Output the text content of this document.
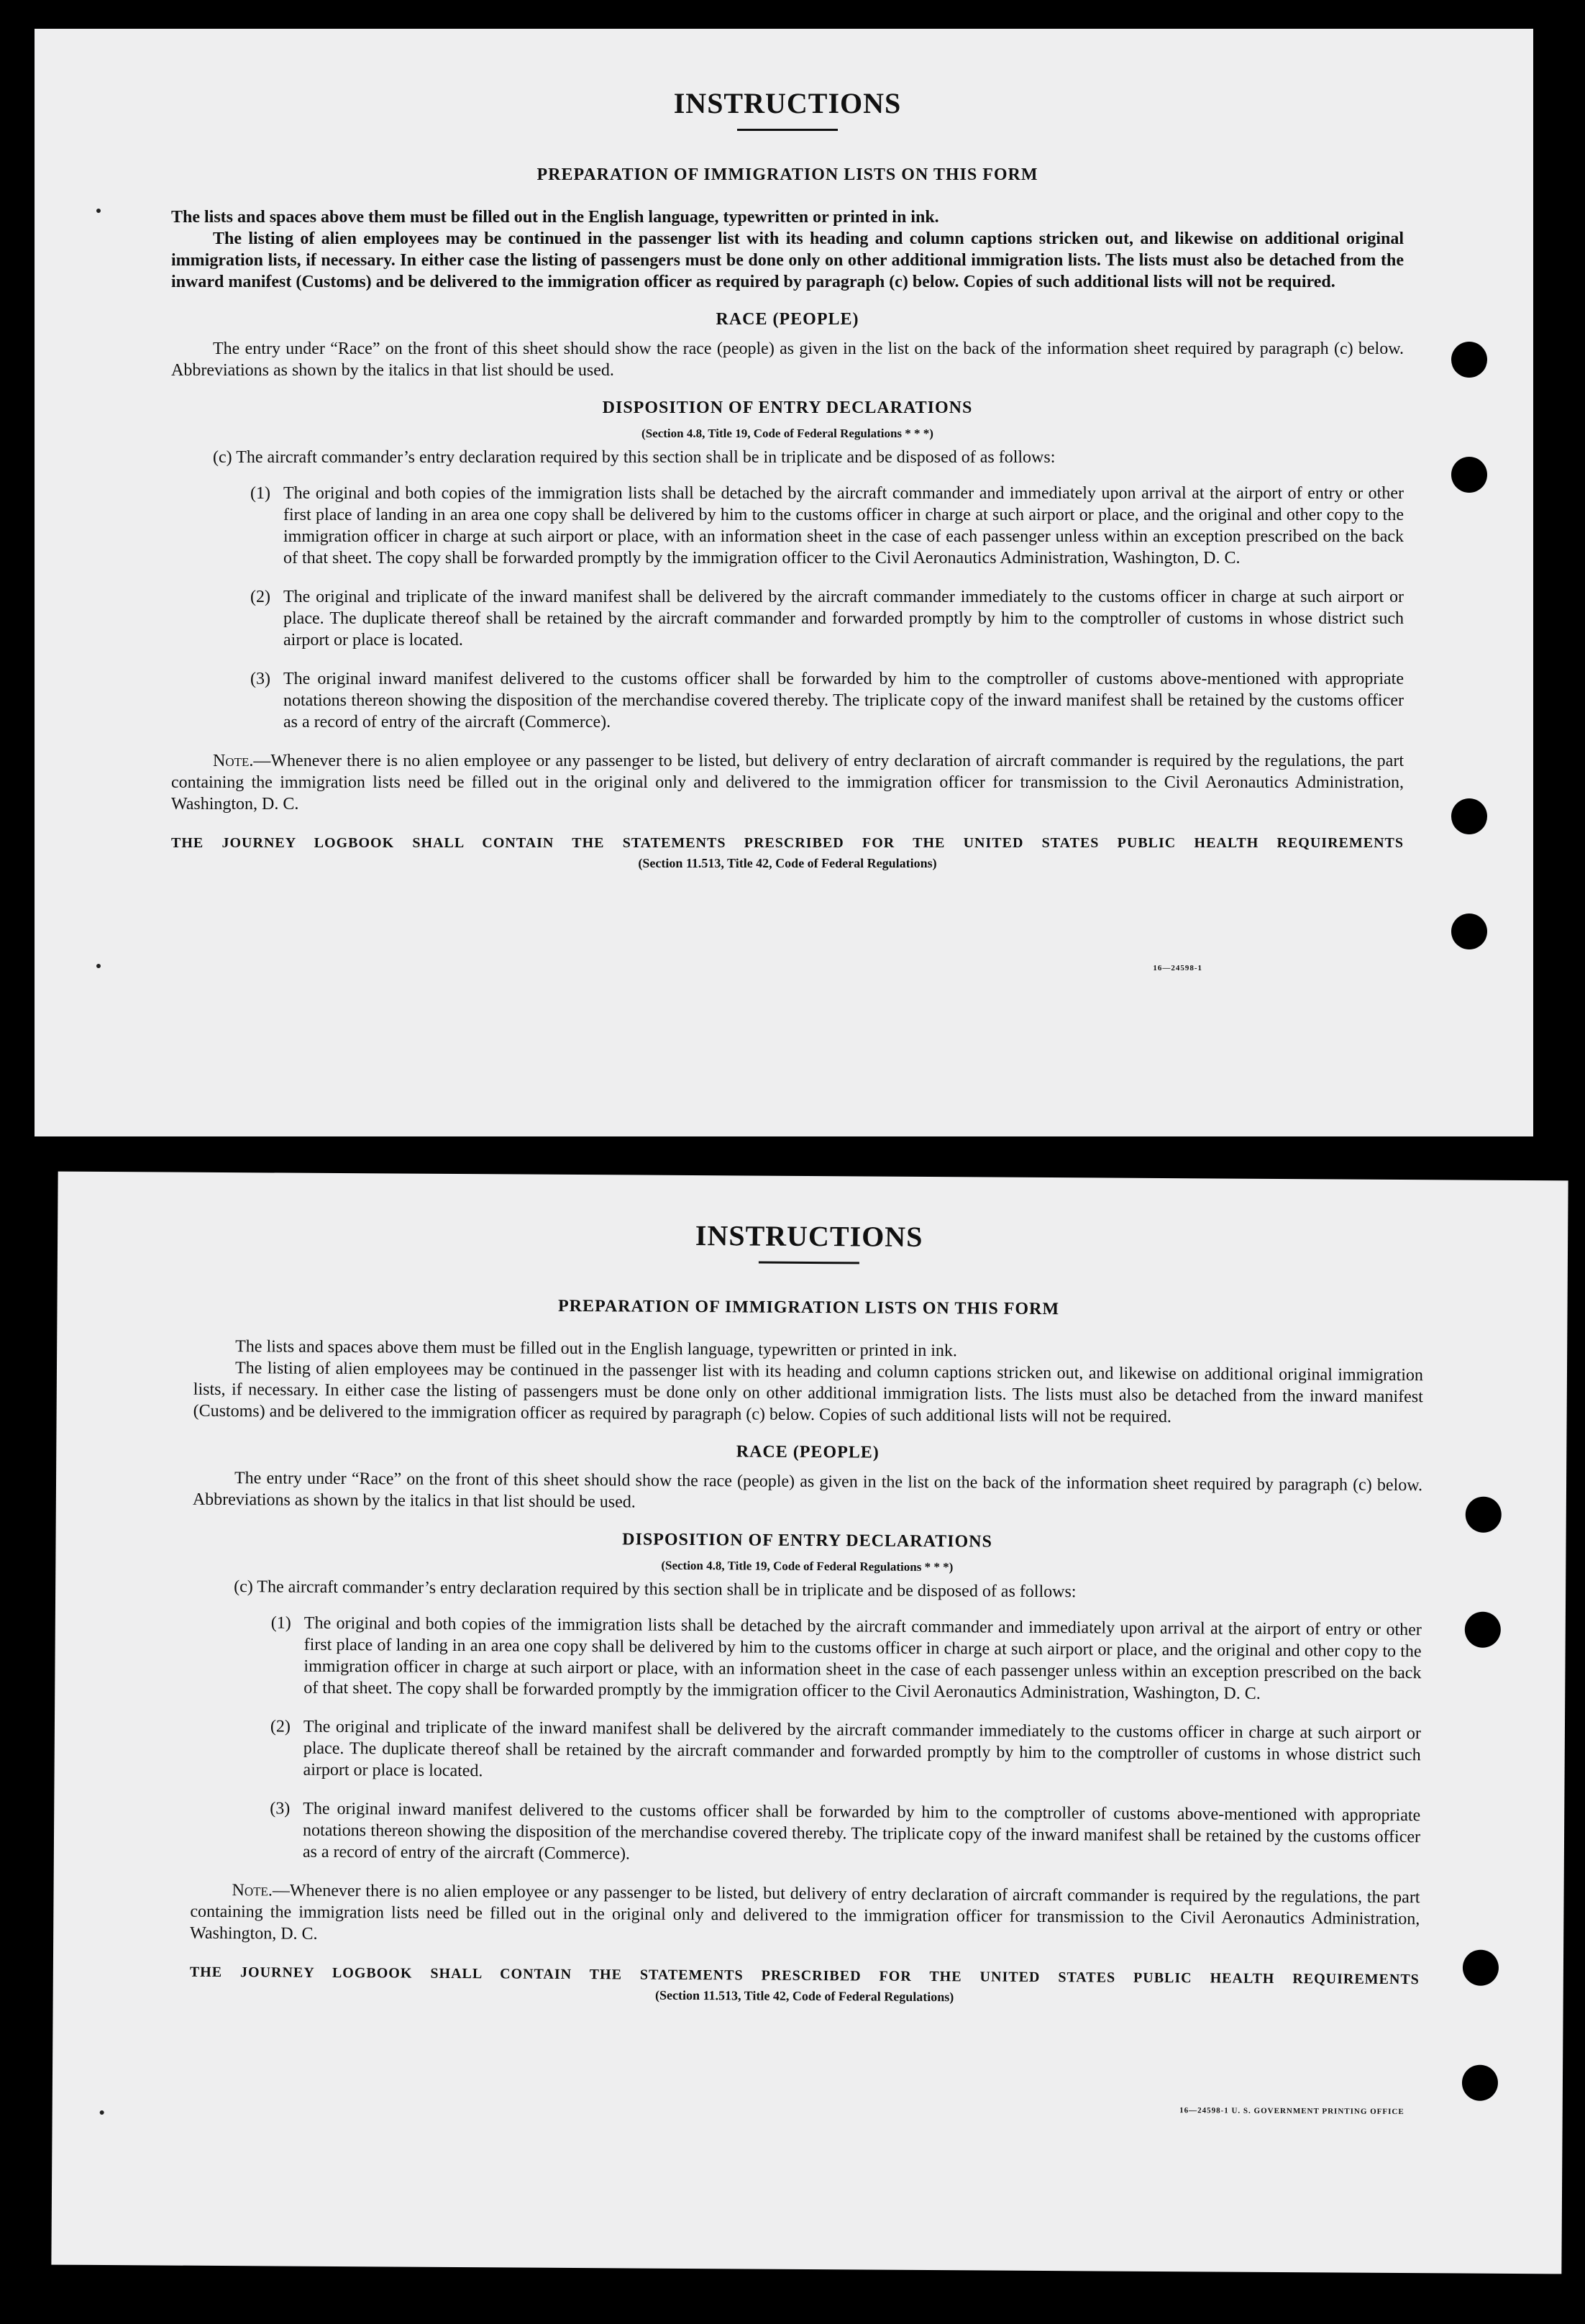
INSTRUCTIONS
PREPARATION OF IMMIGRATION LISTS ON THIS FORM

The lists and spaces above them must be filled out in the English language, typewritten or printed in ink.

The listing of alien employees may be continued in the passenger list with its heading and column captions stricken out, and likewise on additional original immigration lists, if necessary. In either case the listing of passengers must be done only on other additional immigration lists. The lists must also be detached from the inward manifest (Customs) and be delivered to the immigration officer as required by paragraph (c) below. Copies of such additional lists will not be required.

RACE (PEOPLE)

The entry under “Race” on the front of this sheet should show the race (people) as given in the list on the back of the information sheet required by paragraph (c) below. Abbreviations as shown by the italics in that list should be used.

DISPOSITION OF ENTRY DECLARATIONS
(Section 4.8, Title 19, Code of Federal Regulations * * *)

(c) The aircraft commander’s entry declaration required by this section shall be in triplicate and be disposed of as follows:

(1) The original and both copies of the immigration lists shall be detached by the aircraft commander and immediately upon arrival at the airport of entry or other first place of landing in an area one copy shall be delivered by him to the customs officer in charge at such airport or place, and the original and other copy to the immigration officer in charge at such airport or place, with an information sheet in the case of each passenger unless within an exception prescribed on the back of that sheet. The copy shall be forwarded promptly by the immigration officer to the Civil Aeronautics Administration, Washington, D. C.
(2) The original and triplicate of the inward manifest shall be delivered by the aircraft commander immediately to the customs officer in charge at such airport or place. The duplicate thereof shall be retained by the aircraft commander and forwarded promptly by him to the comptroller of customs in whose district such airport or place is located.
(3) The original inward manifest delivered to the customs officer shall be forwarded by him to the comptroller of customs above-mentioned with appropriate notations thereon showing the disposition of the merchandise covered thereby. The triplicate copy of the inward manifest shall be retained by the customs officer as a record of entry of the aircraft (Commerce).

Note.—Whenever there is no alien employee or any passenger to be listed, but delivery of entry declaration of aircraft commander is required by the regulations, the part containing the immigration lists need be filled out in the original only and delivered to the immigration officer for transmission to the Civil Aeronautics Administration, Washington, D. C.

THE JOURNEY LOGBOOK SHALL CONTAIN THE STATEMENTS PRESCRIBED FOR THE UNITED STATES PUBLIC HEALTH REQUIREMENTS

(Section 11.513, Title 42, Code of Federal Regulations)

16—24598-1
INSTRUCTIONS
PREPARATION OF IMMIGRATION LISTS ON THIS FORM

The lists and spaces above them must be filled out in the English language, typewritten or printed in ink.

The listing of alien employees may be continued in the passenger list with its heading and column captions stricken out, and likewise on additional original immigration lists, if necessary. In either case the listing of passengers must be done only on other additional immigration lists. The lists must also be detached from the inward manifest (Customs) and be delivered to the immigration officer as required by paragraph (c) below. Copies of such additional lists will not be required.

RACE (PEOPLE)

The entry under “Race” on the front of this sheet should show the race (people) as given in the list on the back of the information sheet required by paragraph (c) below. Abbreviations as shown by the italics in that list should be used.

DISPOSITION OF ENTRY DECLARATIONS
(Section 4.8, Title 19, Code of Federal Regulations * * *)

(c) The aircraft commander’s entry declaration required by this section shall be in triplicate and be disposed of as follows:

(1) The original and both copies of the immigration lists shall be detached by the aircraft commander and immediately upon arrival at the airport of entry or other first place of landing in an area one copy shall be delivered by him to the customs officer in charge at such airport or place, and the original and other copy to the immigration officer in charge at such airport or place, with an information sheet in the case of each passenger unless within an exception prescribed on the back of that sheet. The copy shall be forwarded promptly by the immigration officer to the Civil Aeronautics Administration, Washington, D. C.
(2) The original and triplicate of the inward manifest shall be delivered by the aircraft commander immediately to the customs officer in charge at such airport or place. The duplicate thereof shall be retained by the aircraft commander and forwarded promptly by him to the comptroller of customs in whose district such airport or place is located.
(3) The original inward manifest delivered to the customs officer shall be forwarded by him to the comptroller of customs above-mentioned with appropriate notations thereon showing the disposition of the merchandise covered thereby. The triplicate copy of the inward manifest shall be retained by the customs officer as a record of entry of the aircraft (Commerce).

Note.—Whenever there is no alien employee or any passenger to be listed, but delivery of entry declaration of aircraft commander is required by the regulations, the part containing the immigration lists need be filled out in the original only and delivered to the immigration officer for transmission to the Civil Aeronautics Administration, Washington, D. C.

THE JOURNEY LOGBOOK SHALL CONTAIN THE STATEMENTS PRESCRIBED FOR THE UNITED STATES PUBLIC HEALTH REQUIREMENTS

(Section 11.513, Title 42, Code of Federal Regulations)

16—24598-1 U. S. GOVERNMENT PRINTING OFFICE
